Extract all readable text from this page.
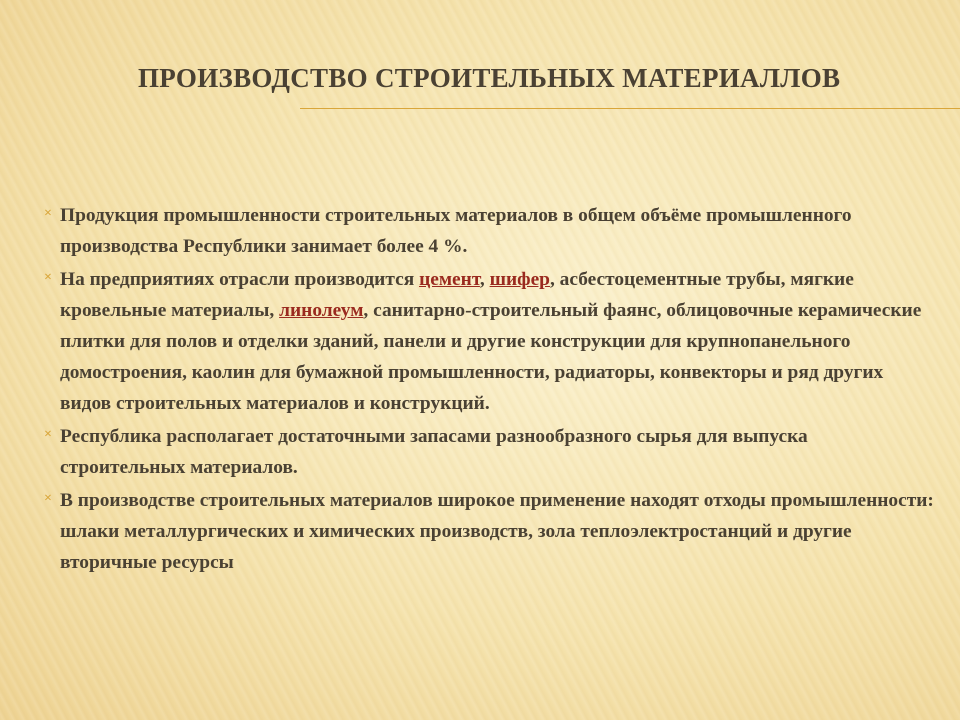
ПРОИЗВОДСТВО СТРОИТЕЛЬНЫХ МАТЕРИАЛЛОВ
× Продукция промышленности строительных материалов в общем объёме промышленного производства Республики занимает более 4 %.
× На предприятиях отрасли производится цемент, шифер, асбестоцементные трубы, мягкие кровельные материалы, линолеум, санитарно-строительный фаянс, облицовочные керамические плитки для полов и отделки зданий, панели и другие конструкции для крупнопанельного домостроения, каолин для бумажной промышленности, радиаторы, конвекторы и ряд других видов строительных материалов и конструкций.
× Республика располагает достаточными запасами разнообразного сырья для выпуска строительных материалов.
× В производстве строительных материалов широкое применение находят отходы промышленности: шлаки металлургических и химических производств, зола теплоэлектростанций и другие вторичные ресурсы
